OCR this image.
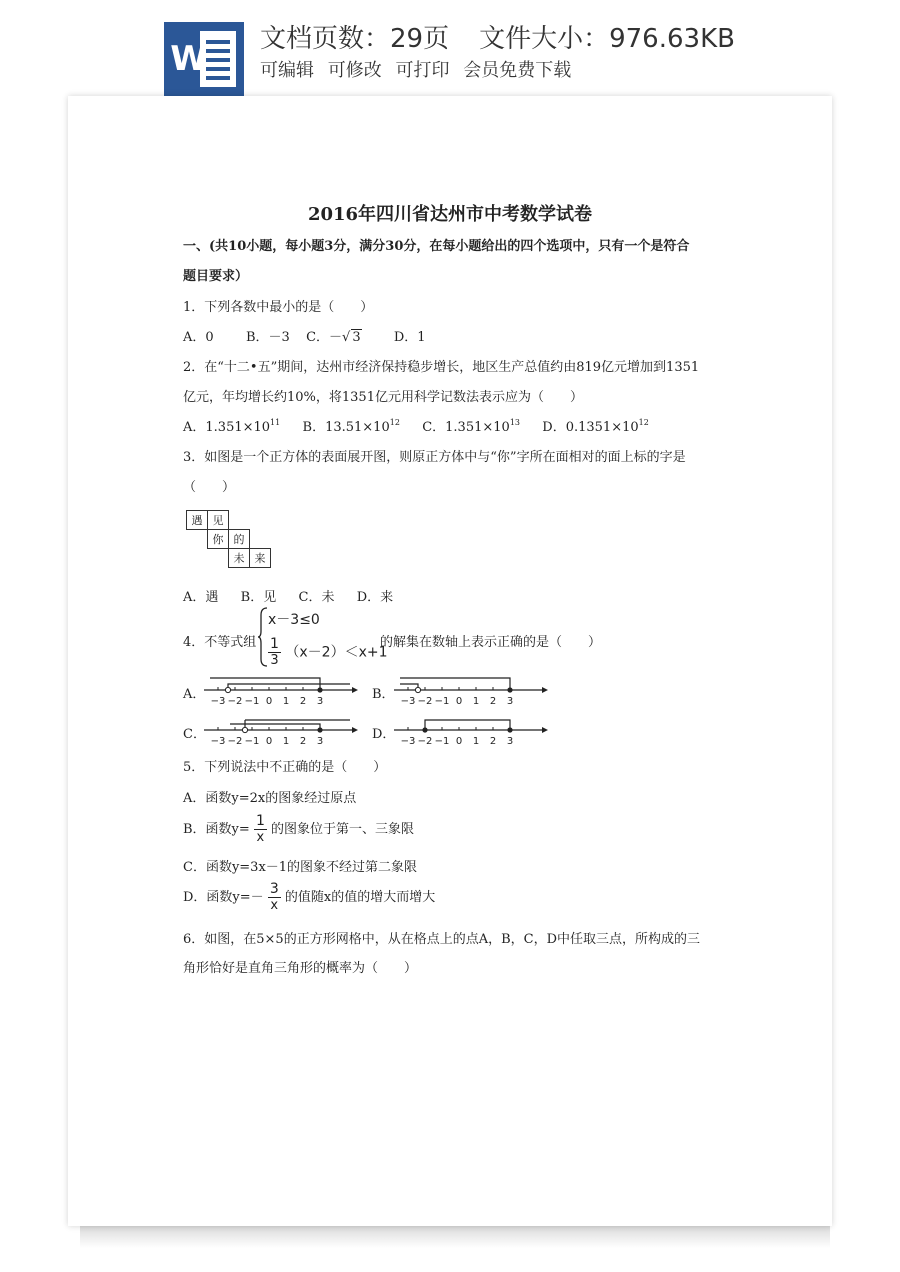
W 文档页数：29页 文件大小：976.63KB
可编辑 可修改 可打印 会员免费下载
2016年四川省达州市中考数学试卷
一、(共10小题，每小题3分，满分30分，在每小题给出的四个选项中，只有一个是符合
题目要求）
1．下列各数中最小的是（　　）
A．0 B．－3 C．－√ 3	D．1
2．在“十二•五”期间，达州市经济保持稳步增长，地区生产总值约由819亿元增加到1351
亿元，年均增长约10%，将1351亿元用科学记数法表示应为（　　）
A．$1.351\times 10^{11}$ B．$13.51\times 10^{12}$ C．$1.351\times 10^{13}$ D．$0.1351\times 10^{12}$
3．如图是一个正方体的表面展开图，则原正方体中与“你”字所在面相对的面上标的字是
（　　）
遇 见
你 的
未 来
A．遇 B．见 C．未 D．来
4．不等式组
x－3≤0
$\frac{1}{3} (x-2)<x+1$
的解集在数轴上表示正确的是（　　）
A．	B．
C．	D．
−3 −2 −1 0 1 2 3	−3 −2 −1 0 1 2 3
−3 −2 −1 0 1 2 3	−3 −2 −1 0 1 2 3
5．下列说法中不正确的是（　　）
A．函数y=2x的图象经过原点
B．函数$y= \frac{1}{x}$ 的图象位于第一、三象限
C．函数y=3x－1的图象不经过第二象限
D．函数$y=- \frac{3}{x}$ 的值随x的值的增大而增大
6．如图，在5×5的正方形网格中，从在格点上的点A，B，C，D中任取三点，所构成的三
角形恰好是直角三角形的概率为（　　）
